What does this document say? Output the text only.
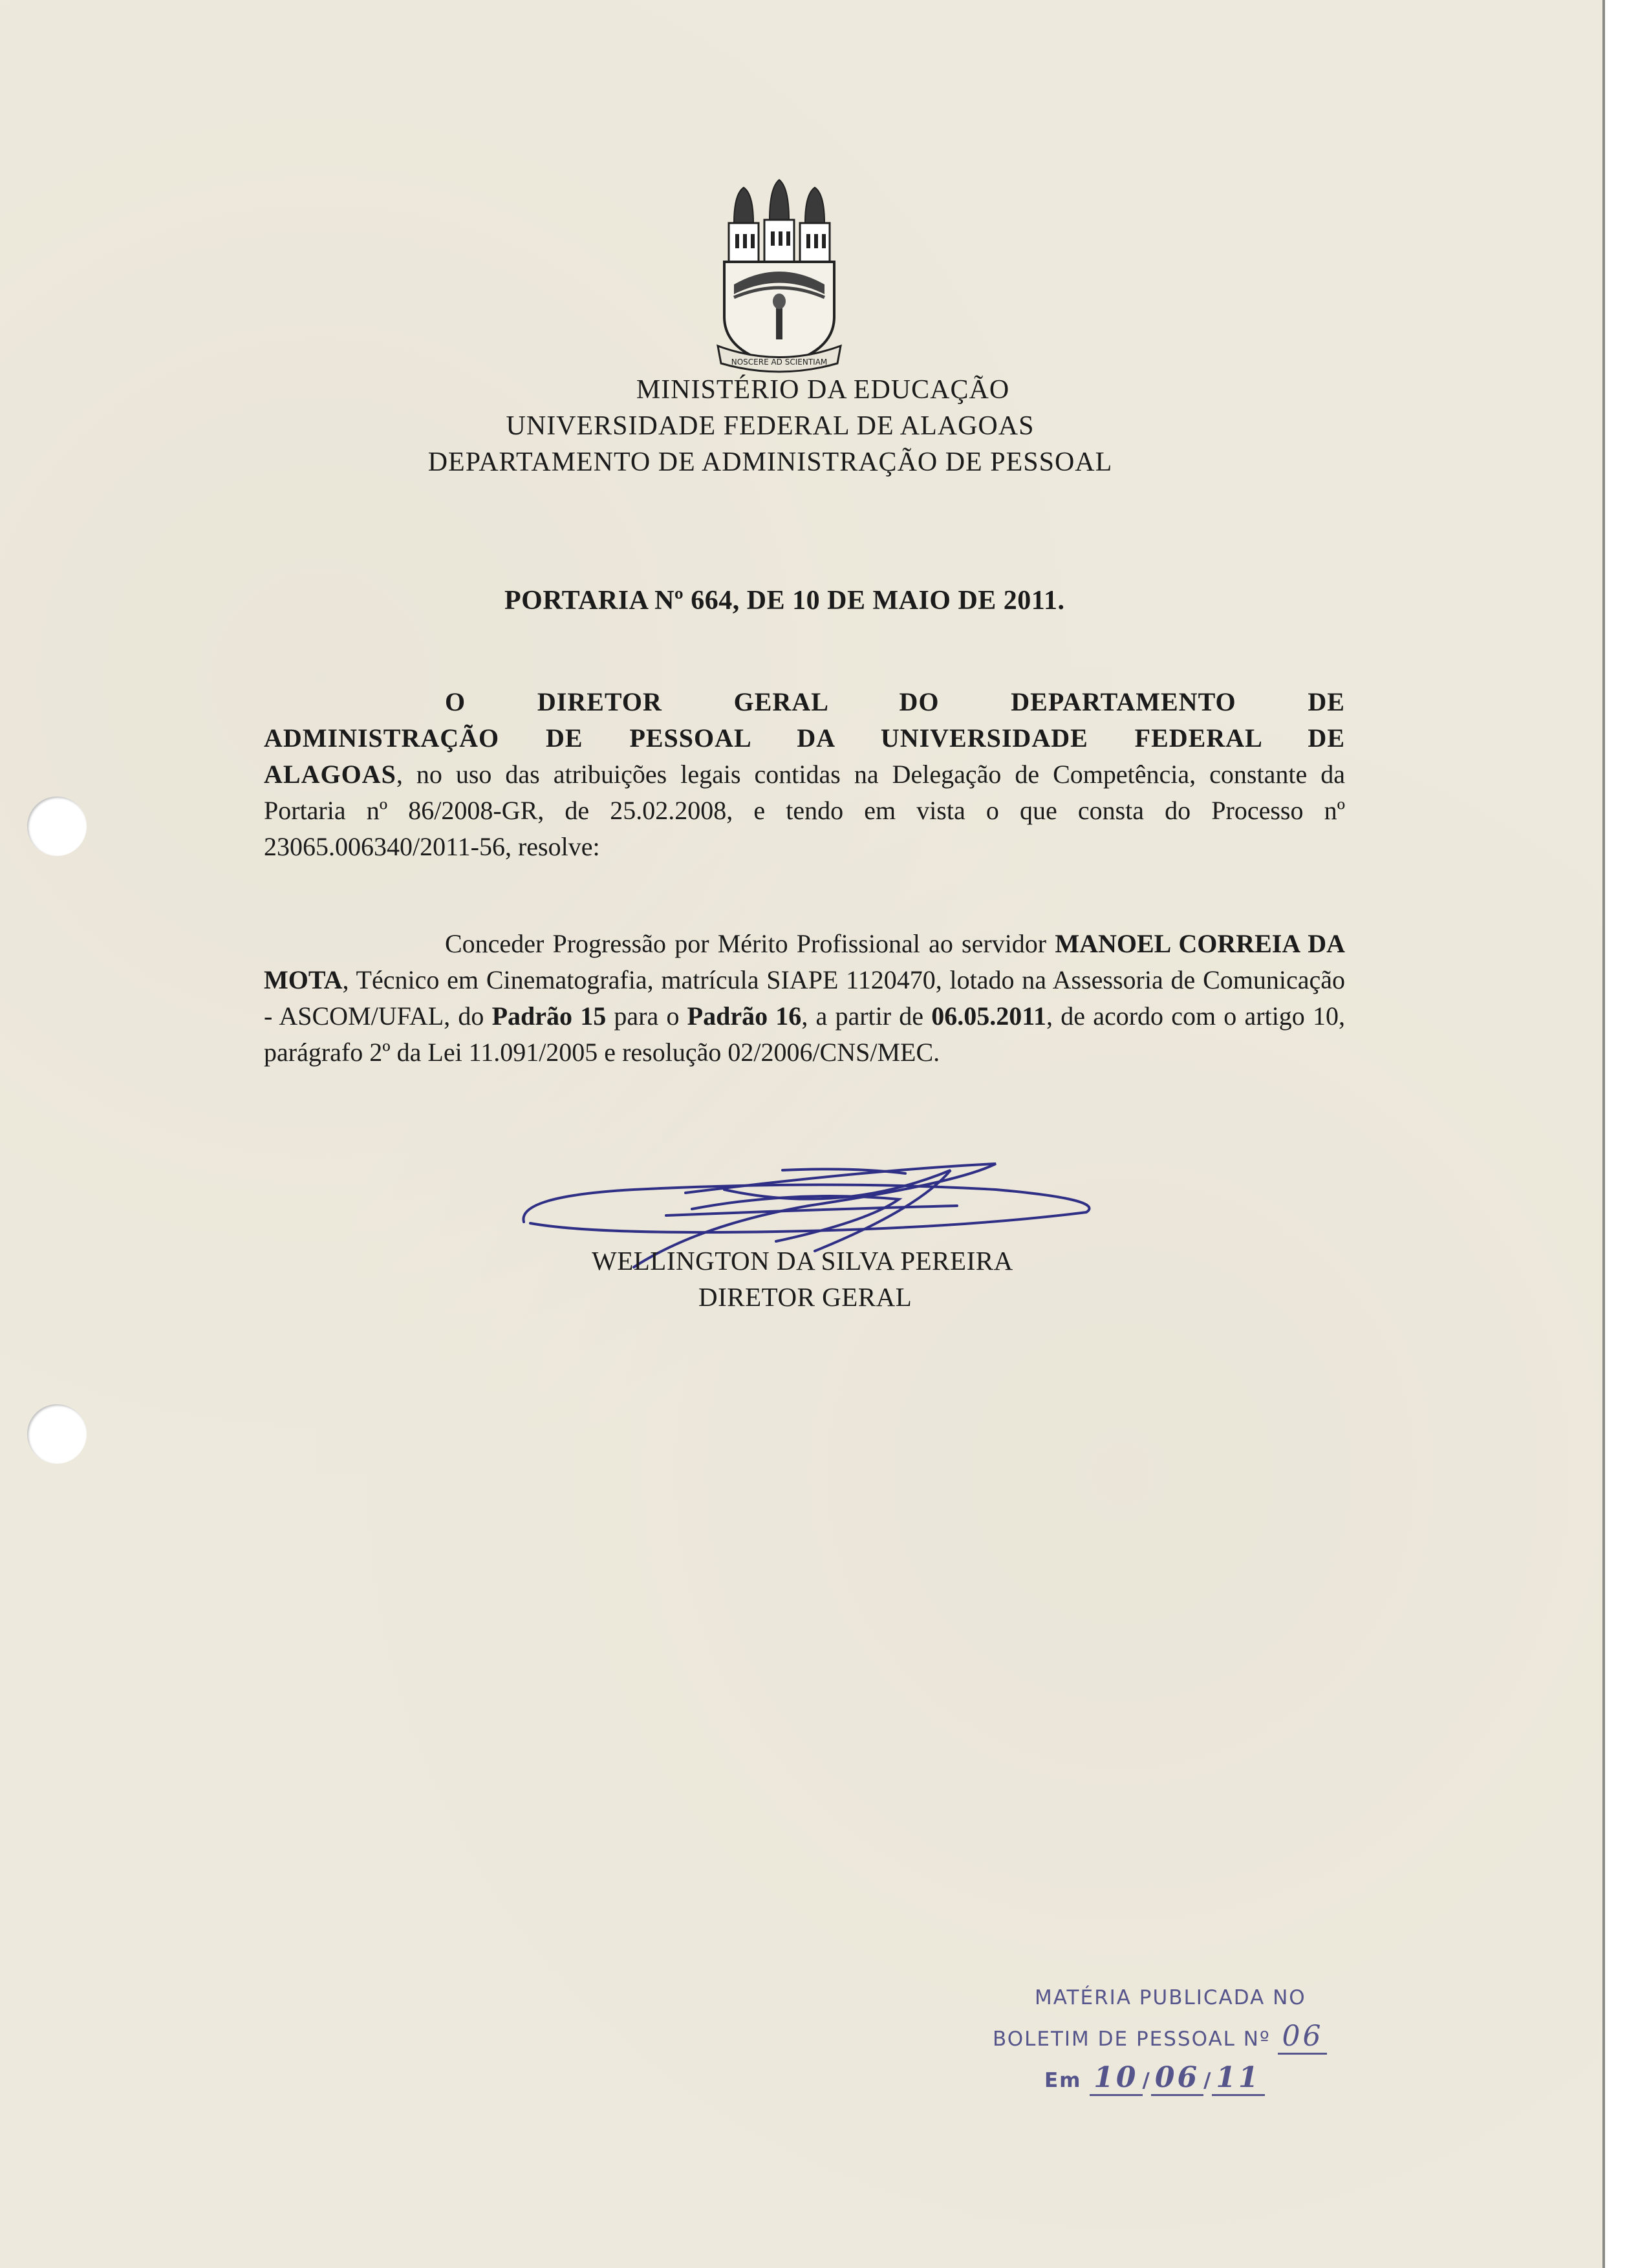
NOSCERE AD SCIENTIAM
MINISTÉRIO DA EDUCAÇÃO
UNIVERSIDADE FEDERAL DE ALAGOAS
DEPARTAMENTO DE ADMINISTRAÇÃO DE PESSOAL
PORTARIA Nº 664, DE 10 DE MAIO DE 2011.

O DIRETOR GERAL DO DEPARTAMENTO DE ADMINISTRAÇÃO DE PESSOAL DA UNIVERSIDADE FEDERAL DE ALAGOAS, no uso das atribuições legais contidas na Delegação de Competência, constante da Portaria nº 86/2008-GR, de 25.02.2008, e tendo em vista o que consta do Processo nº 23065.006340/2011-56, resolve:

Conceder Progressão por Mérito Profissional ao servidor MANOEL CORREIA DA MOTA, Técnico em Cinematografia, matrícula SIAPE 1120470, lotado na Assessoria de Comunicação - ASCOM/UFAL, do Padrão 15 para o Padrão 16, a partir de 06.05.2011, de acordo com o artigo 10, parágrafo 2º da Lei 11.091/2005 e resolução 02/2006/CNS/MEC.

WELLINGTON DA SILVA PEREIRA
DIRETOR GERAL
MATÉRIA PUBLICADA NO
BOLETIM DE PESSOAL Nº 06
Em 10 / 06 / 11
